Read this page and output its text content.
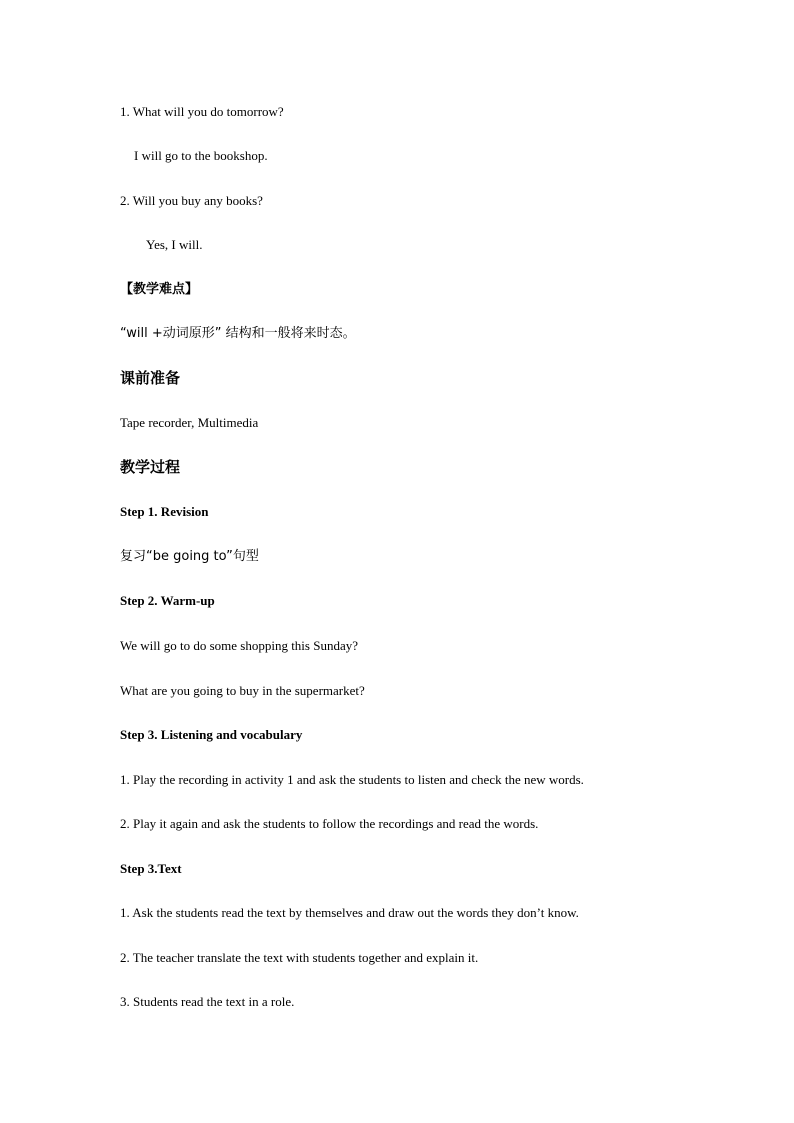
1. What will you do tomorrow?
I will go to the bookshop.
2. Will you buy any books?
Yes, I will.
【教学难点】
“will +动词原形” 结构和一般将来时态。
课前准备
Tape recorder, Multimedia
教学过程
Step 1. Revision
复习“be going to”句型
Step 2. Warm-up
We will go to do some shopping this Sunday?
What are you going to buy in the supermarket?
Step 3. Listening and vocabulary
1. Play the recording in activity 1 and ask the students to listen and check the new words.
2. Play it again and ask the students to follow the recordings and read the words.
Step 3.Text
1. Ask the students read the text by themselves and draw out the words they don’t know.
2. The teacher translate the text with students together and explain it.
3. Students read the text in a role.
